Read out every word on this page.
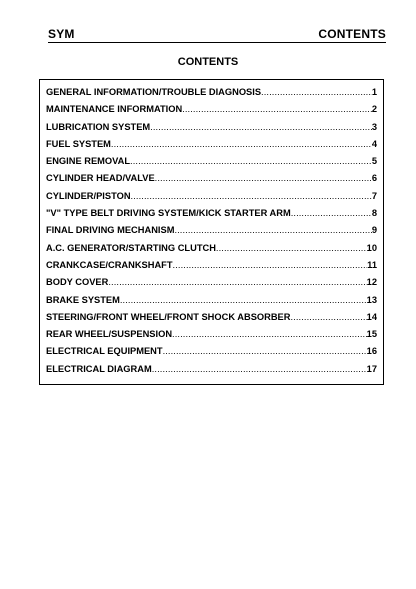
SYM	CONTENTS
CONTENTS
GENERAL INFORMATION/TROUBLE DIAGNOSIS .....	1
MAINTENANCE INFORMATION .....	2
LUBRICATION SYSTEM .....	3
FUEL SYSTEM .....	4
ENGINE REMOVAL .....	5
CYLINDER HEAD/VALVE .....	6
CYLINDER/PISTON .....	7
"V" TYPE BELT DRIVING SYSTEM/KICK STARTER ARM .....	8
FINAL DRIVING MECHANISM .....	9
A.C. GENERATOR/STARTING CLUTCH .....	10
CRANKCASE/CRANKSHAFT .....	11
BODY COVER .....	12
BRAKE SYSTEM .....	13
STEERING/FRONT WHEEL/FRONT SHOCK ABSORBER .....	14
REAR WHEEL/SUSPENSION .....	15
ELECTRICAL EQUIPMENT .....	16
ELECTRICAL DIAGRAM .....	17
